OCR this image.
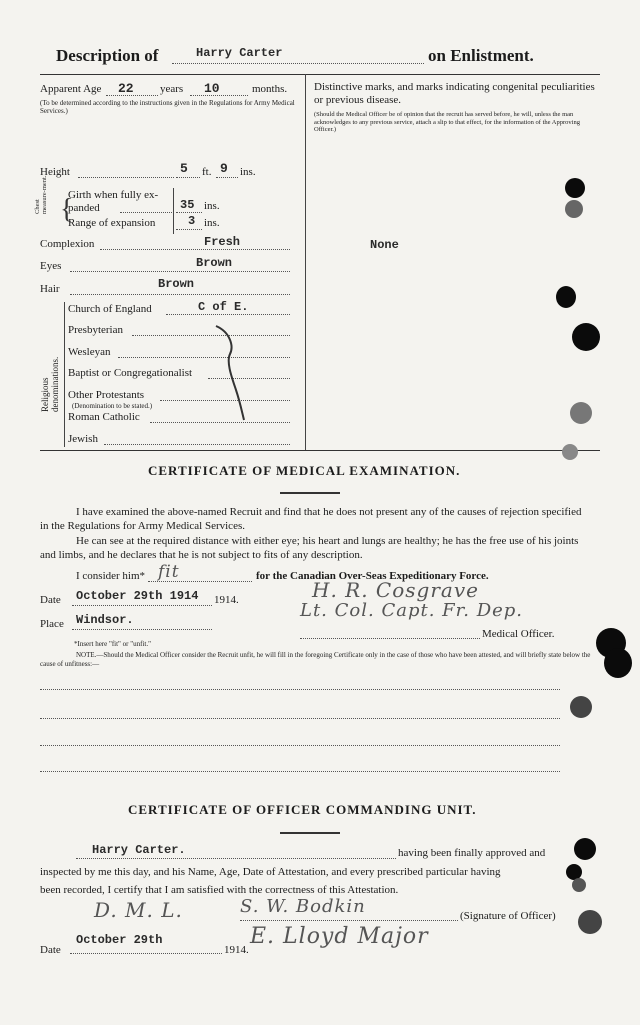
Description of	Harry Carter	on Enlistment.
Apparent Age 22 years 10	months.
(To be determined according to the instructions given in the Regulations for Army Medical Services.)
Distinctive marks, and marks indicating congenital peculiarities or previous disease.
(Should the Medical Officer be of opinion that the recruit has served before, he will, unless the man acknowledges to any previous service, attach a slip to that effect, for the information of the Approving Officer.)
None
Height	5 ft. 9 ins.
Chest measure-ment. {
Girth when fully ex-panded	35 ins.
Range of expansion	3 ins.
Complexion	Fresh
Eyes	Brown
Hair	Brown
Religious denominations.
Church of England	C of E.
Presbyterian
Wesleyan
Baptist or Congregationalist
Other Protestants
(Denomination to be stated.)
Roman Catholic
Jewish
CERTIFICATE OF MEDICAL EXAMINATION.
I have examined the above-named Recruit and find that he does not present any of the causes of rejection specified in the Regulations for Army Medical Services.
He can see at the required distance with either eye; his heart and lungs are healthy; he has the free use of his joints and limbs, and he declares that he is not subject to fits of any description.
I consider him* fit	for the Canadian Over-Seas Expeditionary Force.
Date October 29th 1914 1914.	H. R. Cosgrave
Lt. Col. Capt. Fr. Dep.
Place Windsor.
Medical Officer.
*Insert here "fit" or "unfit."
NOTE.—Should the Medical Officer consider the Recruit unfit, he will fill in the foregoing Certificate only in the case of those who have been attested, and will briefly state below the cause of unfitness:—
CERTIFICATE OF OFFICER COMMANDING UNIT.
Harry Carter.	having been finally approved and
inspected by me this day, and his Name, Age, Date of Attestation, and every prescribed particular having
been recorded, I certify that I am satisfied with the correctness of this Attestation.
D. M. L.	S. W. Bodkin	(Signature of Officer)
E. Lloyd Major
October 29th
Date	1914.
